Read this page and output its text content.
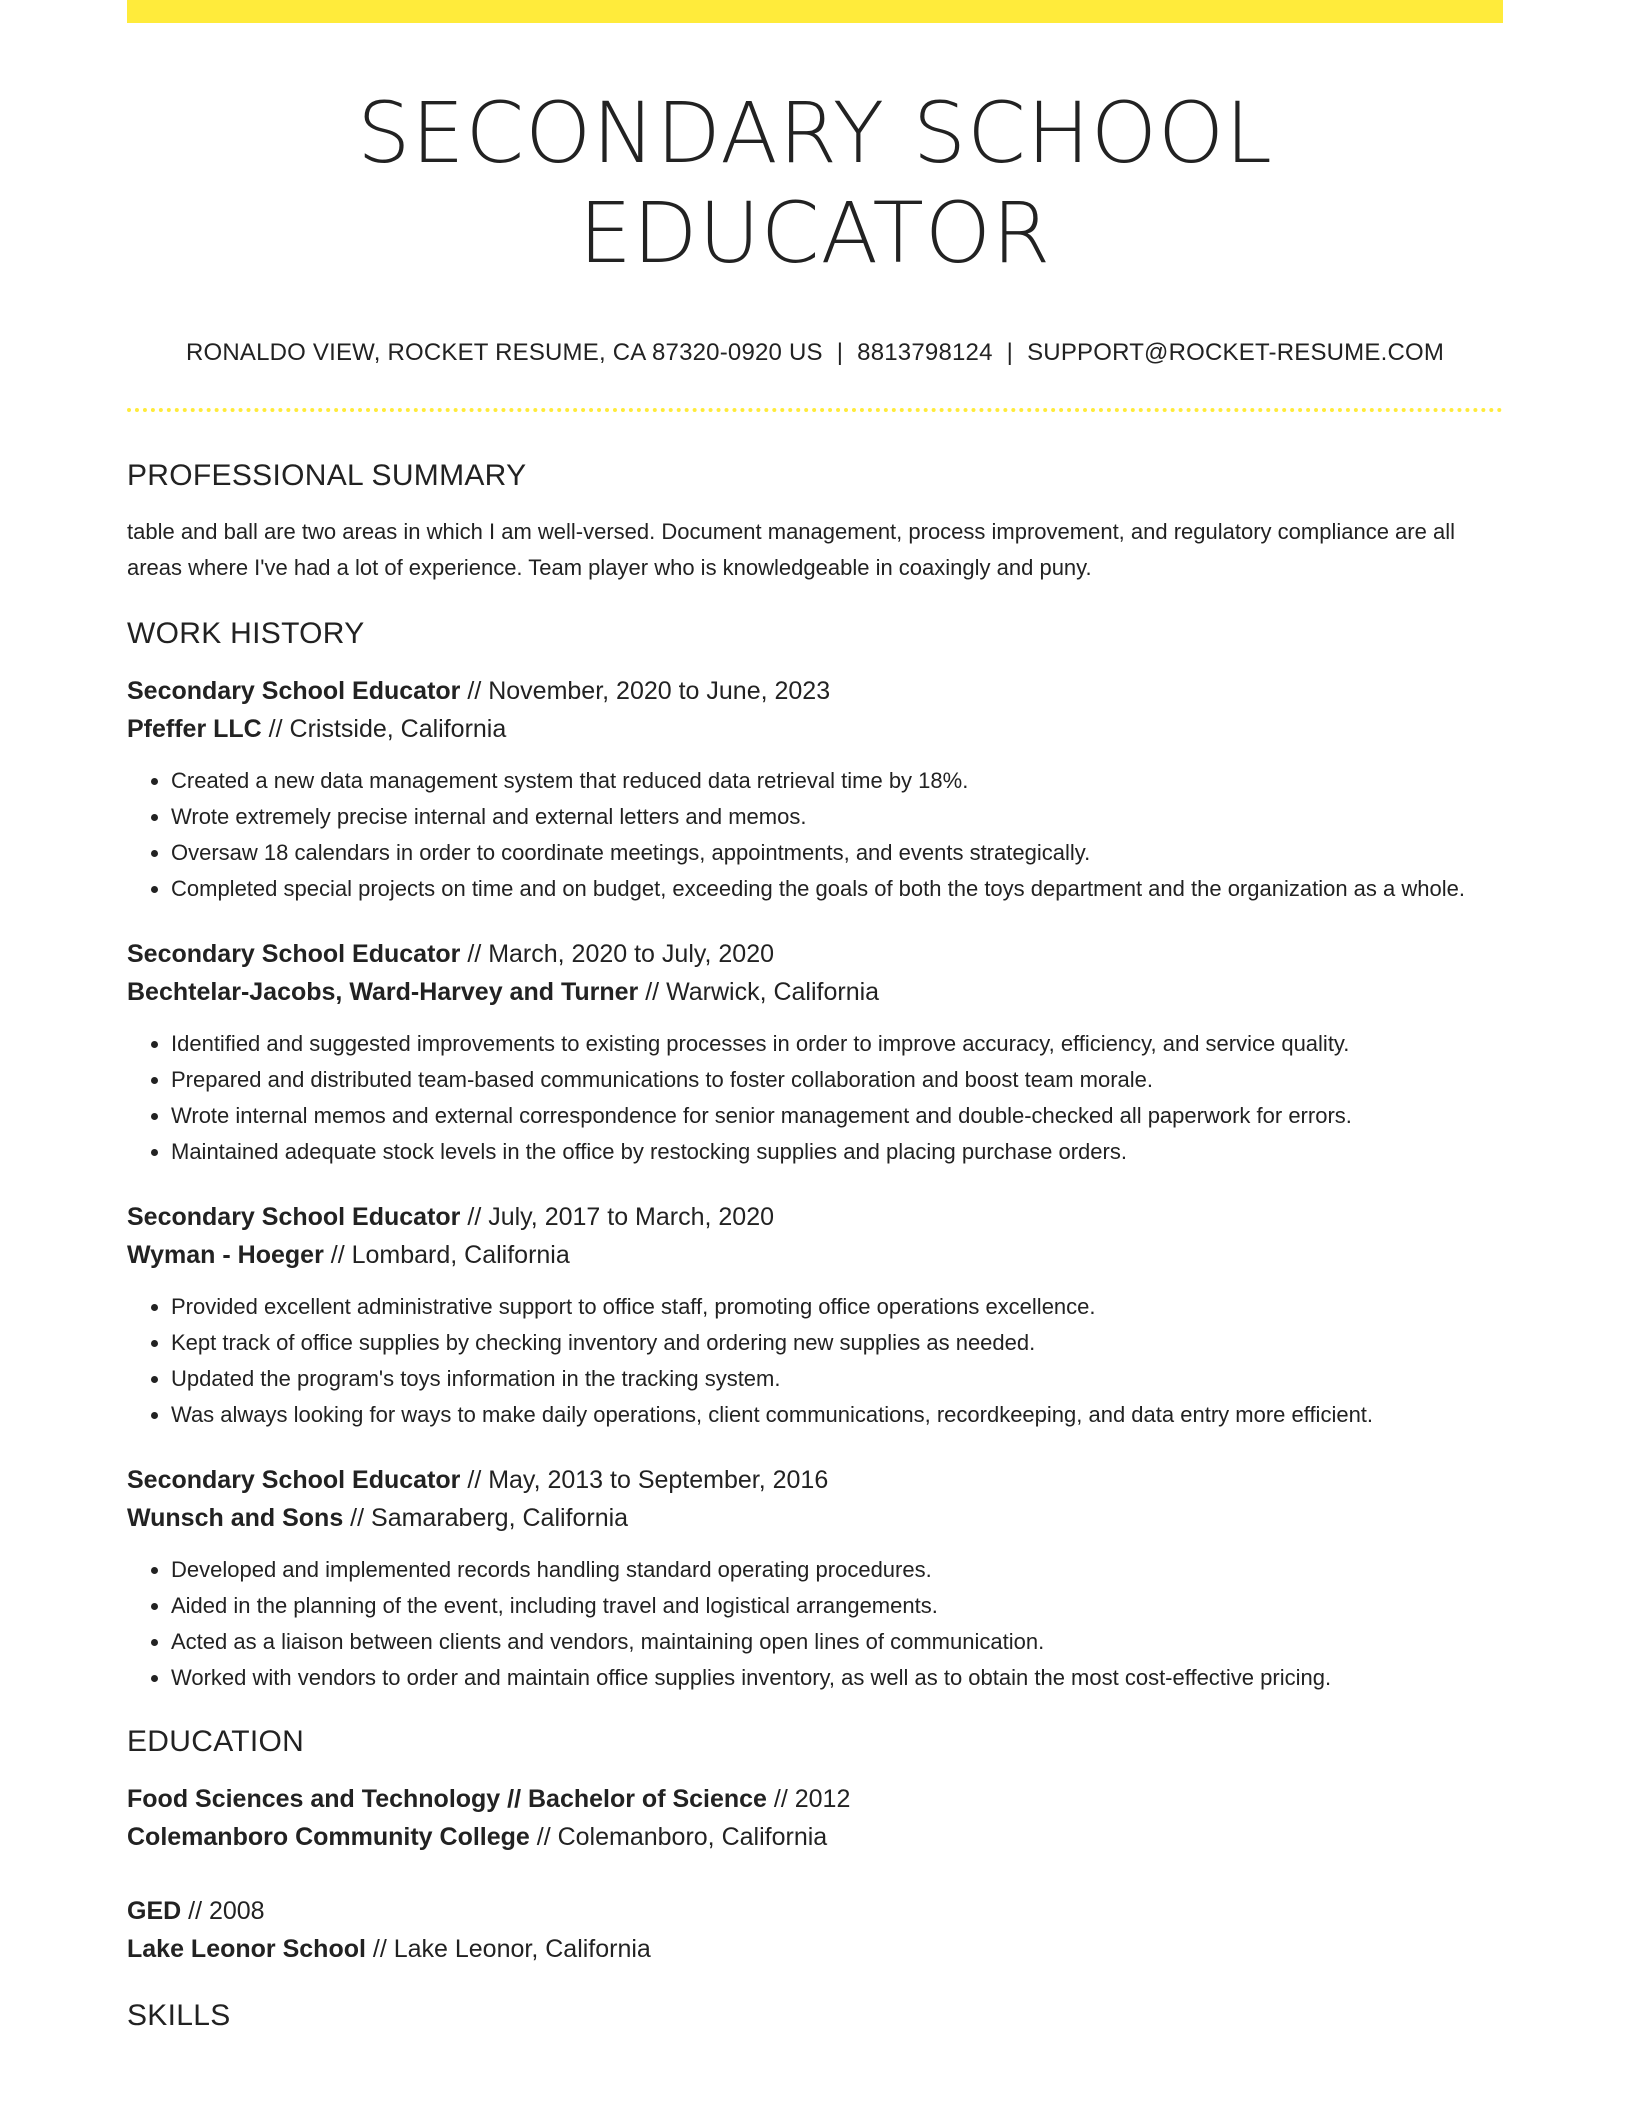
SECONDARY SCHOOL EDUCATOR
RONALDO VIEW, ROCKET RESUME, CA 87320-0920 US | 8813798124 | SUPPORT@ROCKET-RESUME.COM
PROFESSIONAL SUMMARY
table and ball are two areas in which I am well-versed. Document management, process improvement, and regulatory compliance are all areas where I've had a lot of experience. Team player who is knowledgeable in coaxingly and puny.
WORK HISTORY
Secondary School Educator // November, 2020 to June, 2023
Pfeffer LLC // Cristside, California
• Created a new data management system that reduced data retrieval time by 18%.
• Wrote extremely precise internal and external letters and memos.
• Oversaw 18 calendars in order to coordinate meetings, appointments, and events strategically.
• Completed special projects on time and on budget, exceeding the goals of both the toys department and the organization as a whole.
Secondary School Educator // March, 2020 to July, 2020
Bechtelar-Jacobs, Ward-Harvey and Turner // Warwick, California
• Identified and suggested improvements to existing processes in order to improve accuracy, efficiency, and service quality.
• Prepared and distributed team-based communications to foster collaboration and boost team morale.
• Wrote internal memos and external correspondence for senior management and double-checked all paperwork for errors.
• Maintained adequate stock levels in the office by restocking supplies and placing purchase orders.
Secondary School Educator // July, 2017 to March, 2020
Wyman - Hoeger // Lombard, California
• Provided excellent administrative support to office staff, promoting office operations excellence.
• Kept track of office supplies by checking inventory and ordering new supplies as needed.
• Updated the program's toys information in the tracking system.
• Was always looking for ways to make daily operations, client communications, recordkeeping, and data entry more efficient.
Secondary School Educator // May, 2013 to September, 2016
Wunsch and Sons // Samaraberg, California
• Developed and implemented records handling standard operating procedures.
• Aided in the planning of the event, including travel and logistical arrangements.
• Acted as a liaison between clients and vendors, maintaining open lines of communication.
• Worked with vendors to order and maintain office supplies inventory, as well as to obtain the most cost-effective pricing.
EDUCATION
Food Sciences and Technology // Bachelor of Science // 2012
Colemanboro Community College // Colemanboro, California
GED // 2008
Lake Leonor School // Lake Leonor, California
SKILLS
